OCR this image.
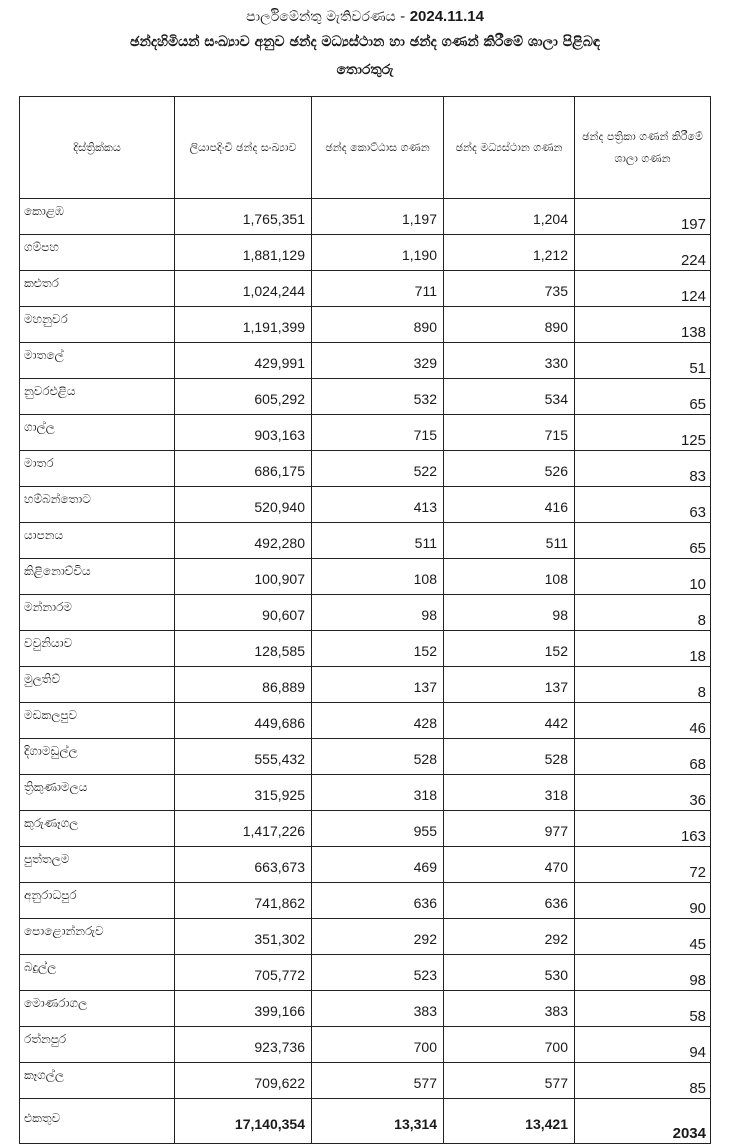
පාර්ලිමේන්තු මැතිවරණය - 2024.11.14
ඡන්දහිමියන් සංඛ්‍යාව අනුව ඡන්ද මධ්‍යස්ථාන හා ඡන්ද ගණන් කිරීමේ ශාලා පිළිබඳ
තොරතුරු
දිස්ත්‍රික්කය	ලියාපදිංචි ඡන්ද සංඛ්‍යාව	ඡන්ද කොට්ඨාස ගණන	ඡන්ද මධ්‍යස්ථාන ගණන	ඡන්ද පත්‍රිකා ගණන් කිරීමේ ශාලා ගණන
කොළඹ	1,765,351	1,197	1,204	197
ගම්පහ	1,881,129	1,190	1,212	224
කළුතර	1,024,244	711	735	124
මහනුවර	1,191,399	890	890	138
මාතලේ	429,991	329	330	51
නුවරඑළිය	605,292	532	534	65
ගාල්ල	903,163	715	715	125
මාතර	686,175	522	526	83
හම්බන්තොට	520,940	413	416	63
යාපනය	492,280	511	511	65
කිළිනොච්චිය	100,907	108	108	10
මන්නාරම	90,607	98	98	8
වවුනියාව	128,585	152	152	18
මුලතිව්	86,889	137	137	8
මඩකලපුව	449,686	428	442	46
දිගාමඩුල්ල	555,432	528	528	68
ත්‍රිකුණාමලය	315,925	318	318	36
කුරුණෑගල	1,417,226	955	977	163
පුත්තලම	663,673	469	470	72
අනුරාධපුර	741,862	636	636	90
පොළොන්නරුව	351,302	292	292	45
බදුල්ල	705,772	523	530	98
මොණරාගල	399,166	383	383	58
රත්නපුර	923,736	700	700	94
කෑගල්ල	709,622	577	577	85
එකතුව	17,140,354	13,314	13,421	2034
